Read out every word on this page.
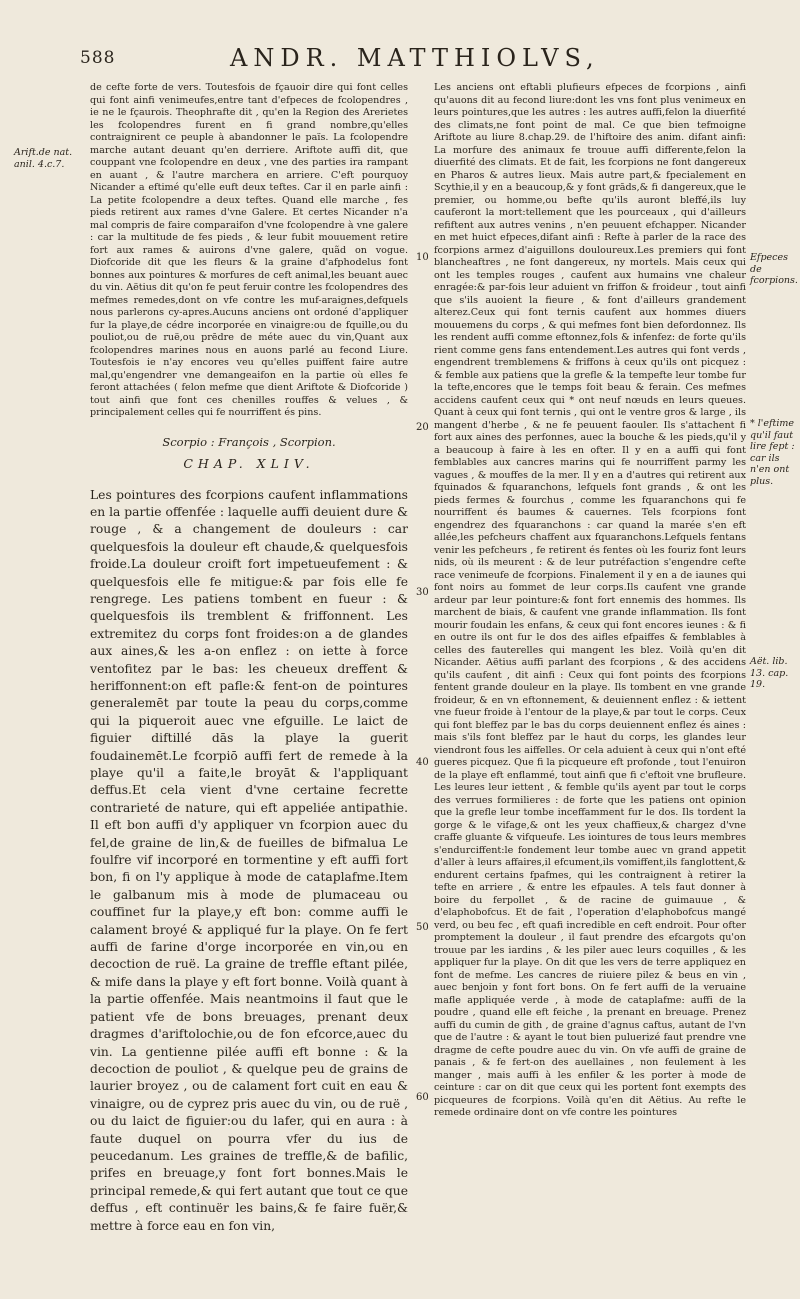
588	ANDR. MATTHIOLVS,
Arift.de nat. anil. 4.c.7.
Efpeces de fcorpions.
* l'eftime qu'il faut lire fept : car ils n'en ont plus.
Aët. lib. 13. cap. 19.
10
20
30
40
50
60

de cefte forte de vers. Toutesfois de fçauoir dire qui font celles qui font ainfi venimeufes,entre tant d'efpeces de fcolopendres , ie ne le fçaurois. Theophrafte dit , qu'en la Region des Arerietes les fcolopendres furent en fi grand nombre,qu'elles contraignirent ce peuple à abandonner le païs. La fcolopendre marche autant deuant qu'en derriere. Ariftote auffi dit, que couppant vne fcolopendre en deux , vne des parties ira rampant en auant , & l'autre marchera en arriere. C'eft pourquoy Nicander a eftimé qu'elle euft deux teftes. Car il en parle ainfi : La petite fcolopendre a deux teftes. Quand elle marche , fes pieds retirent aux rames d'vne Galere. Et certes Nicander n'a mal compris de faire comparaifon d'vne fcolopendre à vne galere : car la multitude de fes pieds , & leur fubit mouuement retire fort aux rames & auirons d'vne galere, quãd on vogue. Diofcoride dit que les fleurs & la graine d'afphodelus font bonnes aux pointures & morfures de ceft animal,les beuant auec du vin. Aëtius dit qu'on fe peut feruir contre les fcolopendres des mefmes remedes,dont on vfe contre les muf-araignes,defquels nous parlerons cy-apres.Aucuns anciens ont ordoné d'appliquer fur la playe,de cédre incorporée en vinaigre:ou de fquille,ou du pouliot,ou de ruë,ou prēdre de méte auec du vin,Quant aux fcolopendres marines nous en auons parlé au fecond Liure. Toutesfois ie n'ay encores veu qu'elles puiffent faire autre mal,qu'engendrer vne demangeaifon en la partie où elles fe feront attachées ( felon mefme que dient Ariftote & Diofcoride ) tout ainfi que font ces chenilles rouffes & velues , & principalement celles qui fe nourriffent és pins.

Scorpio : François , Scorpion.

CHAP. XLIV.

Les pointures des fcorpions caufent inflammations en la partie offenfée : laquelle auffi deuient dure & rouge , & a changement de douleurs : car quelquesfois la douleur eft chaude,& quelquesfois froide.La douleur croift fort impetueufement : & quelquesfois elle fe mitigue:& par fois elle fe rengrege. Les patiens tombent en fueur : & quelquesfois ils tremblent & friffonnent. Les extremitez du corps font froides:on a de glandes aux aines,& les a-on enflez : on iette à force ventofitez par le bas: les cheueux dreffent & heriffonnent:on eft pafle:& fent-on de pointures generalemēt par toute la peau du corps,comme qui la piqueroit auec vne efguille. Le laict de figuier diftillé dās la playe la guerit foudainemēt.Le fcorpiō auffi fert de remede à la playe qu'il a faite,le broyāt & l'appliquant deffus.Et cela vient d'vne certaine fecrette contrarieté de nature, qui eft appeliée antipathie. Il eft bon auffi d'y appliquer vn fcorpion auec du fel,de graine de lin,& de fueilles de bifmalua Le foulfre vif incorporé en tormentine y eft auffi fort bon, fi on l'y applique à mode de cataplafme.Item le galbanum mis à mode de plumaceau ou couffinet fur la playe,y eft bon: comme auffi le calament broyé & appliqué fur la playe. On fe fert auffi de farine d'orge incorporée en vin,ou en decoction de ruë. La graine de treffle eftant pilée, & mife dans la playe y eft fort bonne. Voilà quant à la partie offenfée. Mais neantmoins il faut que le patient vfe de bons breuages, prenant deux dragmes d'ariftolochie,ou de fon efcorce,auec du vin. La gentienne pilée auffi eft bonne : & la decoction de pouliot , & quelque peu de grains de laurier broyez , ou de calament fort cuit en eau & vinaigre, ou de cyprez pris auec du vin, ou de ruë , ou du laict de figuier:ou du lafer, qui en aura : à faute duquel on pourra vfer du ius de peucedanum. Les graines de treffle,& de bafilic, prifes en breuage,y font fort bonnes.Mais le principal remede,& qui fert autant que tout ce que deffus , eft continuër les bains,& fe faire fuër,& mettre à force eau en fon vin,

Les anciens ont eftabli plufieurs efpeces de fcorpions , ainfi qu'auons dit au fecond liure:dont les vns font plus venimeux en leurs pointures,que les autres : les autres auffi,felon la diuerfité des climats,ne font point de mal. Ce que bien tefmoigne Ariftote au liure 8.chap.29. de l'hiftoire des anim. difant ainfi: La morfure des animaux fe trouue auffi differente,felon la diuerfité des climats. Et de fait, les fcorpions ne font dangereux en Pharos & autres lieux. Mais autre part,& fpecialement en Scythie,il y en a beaucoup,& y font grāds,& fi dangereux,que le premier, ou homme,ou befte qu'ils auront bleffé,ils luy cauferont la mort:tellement que les pourceaux , qui d'ailleurs refiftent aux autres venins , n'en peuuent efchapper. Nicander en met huict efpeces,difant ainfi : Refte à parler de la race des fcorpions armez d'aiguillons douloureux.Les premiers qui font blancheaftres , ne font dangereux, ny mortels. Mais ceux qui ont les temples rouges , caufent aux humains vne chaleur enragée:& par-fois leur aduient vn friffon & froideur , tout ainfi que s'ils auoient la fieure , & font d'ailleurs grandement alterez.Ceux qui font ternis caufent aux hommes diuers mouuemens du corps , & qui mefmes font bien defordonnez. Ils les rendent auffi comme eftonnez,fols & infenfez: de forte qu'ils rient comme gens fans entendement.Les autres qui font verds , engendrent tremblemens & friffons à ceux qu'ils ont picquez : & femble aux patiens que la grefle & la tempefte leur tombe fur la tefte,encores que le temps foit beau & ferain. Ces mefmes accidens caufent ceux qui * ont neuf nœuds en leurs queues. Quant à ceux qui font ternis , qui ont le ventre gros & large , ils mangent d'herbe , & ne fe peuuent faouler. Ils s'attachent fi fort aux aines des perfonnes, auec la bouche & les pieds,qu'il y a beaucoup à faire à les en ofter. Il y en a auffi qui font femblables aux cancres marins qui fe nourriffent parmy les vagues , & mouffes de la mer. Il y en a d'autres qui retirent aux fquinados & fquaranchons, lefquels font grands , & ont les pieds fermes & fourchus , comme les fquaranchons qui fe nourriffent és baumes & cauernes. Tels fcorpions font engendrez des fquaranchons : car quand la marée s'en eft allée,les pefcheurs chaffent aux fquaranchons.Lefquels fentans venir les pefcheurs , fe retirent és fentes où les fouriz font leurs nids, où ils meurent : & de leur putréfaction s'engendre cefte race venimeufe de fcorpions. Finalement il y en a de iaunes qui font noirs au fommet de leur corps.Ils caufent vne grande ardeur par leur pointure:& font fort ennemis des hommes. Ils marchent de biais, & caufent vne grande inflammation. Ils font mourir foudain les enfans, & ceux qui font encores ieunes : & fi en outre ils ont fur le dos des aifles efpaiffes & femblables à celles des fauterelles qui mangent les blez. Voilà qu'en dit Nicander. Aëtius auffi parlant des fcorpions , & des accidens qu'ils caufent , dit ainfi : Ceux qui font points des fcorpions fentent grande douleur en la playe. Ils tombent en vne grande froideur, & en vn eftonnement, & deuiennent enflez : & iettent vne fueur froide à l'entour de la playe,& par tout le corps. Ceux qui font bleffez par le bas du corps deuiennent enflez és aines : mais s'ils font bleffez par le haut du corps, les glandes leur viendront fous les aiffelles. Or cela aduient à ceux qui n'ont efté gueres picquez. Que fi la picqueure eft profonde , tout l'enuiron de la playe eft enflammé, tout ainfi que fi c'eftoit vne brufleure. Les leures leur iettent , & femble qu'ils ayent par tout le corps des verrues formilieres : de forte que les patiens ont opinion que la grefle leur tombe inceffamment fur le dos. Ils tordent la gorge & le vifage,& ont les yeux chaffieux,& chargez d'vne craffe gluante & vifqueufe. Les iointures de tous leurs membres s'endurciffent:le fondement leur tombe auec vn grand appetit d'aller à leurs affaires,il efcument,ils vomiffent,ils fanglottent,& endurent certains fpafmes, qui les contraignent à retirer la tefte en arriere , & entre les efpaules. A tels faut donner à boire du ferpollet , & de racine de guimauue , & d'elaphobofcus. Et de fait , l'operation d'elaphobofcus mangé verd, ou beu fec , eft quafi incredible en ceft endroit. Pour ofter promptement la douleur , il faut prendre des efcargots qu'on trouue par les iardins , & les piler auec leurs coquilles , & les appliquer fur la playe. On dit que les vers de terre appliquez en font de mefme. Les cancres de riuiere pilez & beus en vin , auec benjoin y font fort bons. On fe fert auffi de la veruaine mafle appliquée verde , à mode de cataplafme: auffi de la poudre , quand elle eft feiche , la prenant en breuage. Prenez auffi du cumin de gith , de graine d'agnus caftus, autant de l'vn que de l'autre : & ayant le tout bien puluerizé faut prendre vne dragme de cefte poudre auec du vin. On vfe auffi de graine de panais , & fe fert-on des auellaines , non feulement à les manger , mais auffi à les enfiler & les porter à mode de ceinture : car on dit que ceux qui les portent font exempts des picqueures de fcorpions. Voilà qu'en dit Aëtius. Au refte le remede ordinaire dont on vfe contre les pointures
